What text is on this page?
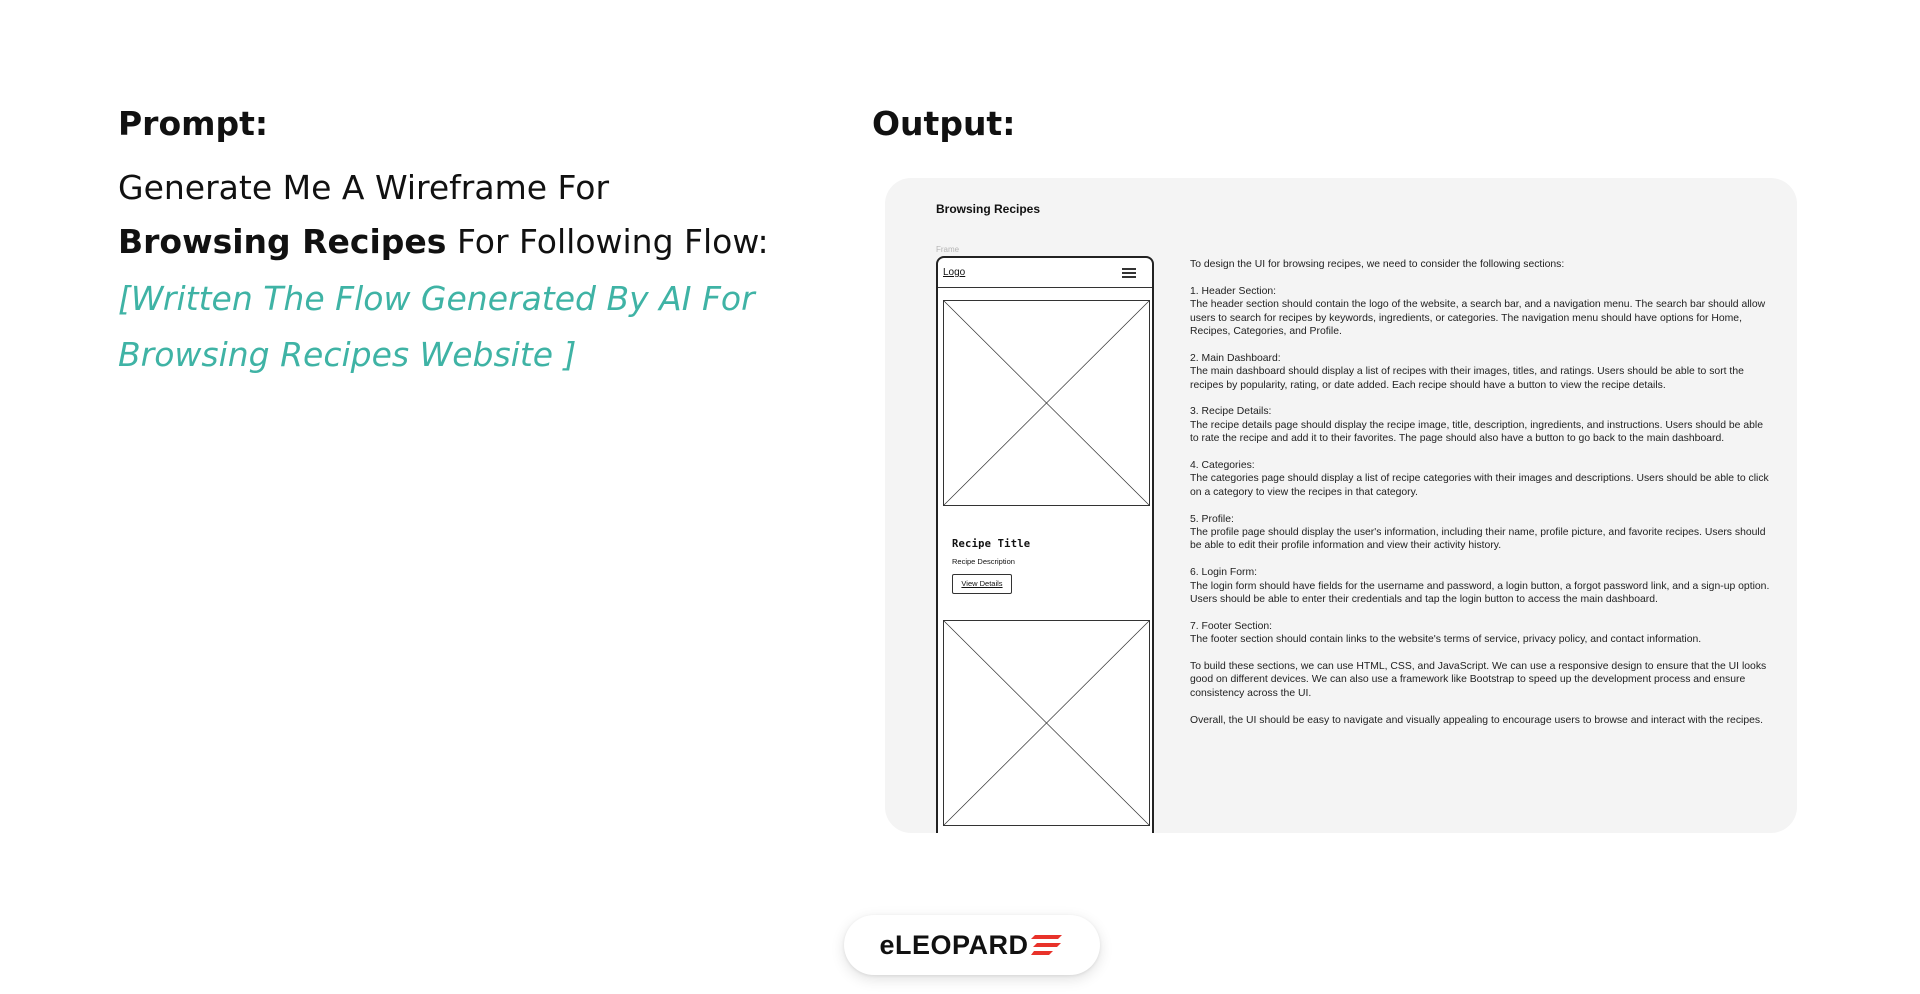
Prompt:
Generate Me A Wireframe For
Browsing Recipes For Following Flow:
[Written The Flow Generated By AI For
Browsing Recipes Website ]
Output:
Browsing Recipes
Frame
Logo
Recipe Title
Recipe Description
View Details

To design the UI for browsing recipes, we need to consider the following sections:

1. Header Section:
The header section should contain the logo of the website, a search bar, and a navigation menu. The search bar should allow users to search for recipes by keywords, ingredients, or categories. The navigation menu should have options for Home, Recipes, Categories, and Profile.
2. Main Dashboard:
The main dashboard should display a list of recipes with their images, titles, and ratings. Users should be able to sort the recipes by popularity, rating, or date added. Each recipe should have a button to view the recipe details.
3. Recipe Details:
The recipe details page should display the recipe image, title, description, ingredients, and instructions. Users should be able to rate the recipe and add it to their favorites. The page should also have a button to go back to the main dashboard.
4. Categories:
The categories page should display a list of recipe categories with their images and descriptions. Users should be able to click on a category to view the recipes in that category.
5. Profile:
The profile page should display the user's information, including their name, profile picture, and favorite recipes. Users should be able to edit their profile information and view their activity history.
6. Login Form:
The login form should have fields for the username and password, a login button, a forgot password link, and a sign-up option. Users should be able to enter their credentials and tap the login button to access the main dashboard.
7. Footer Section:
The footer section should contain links to the website's terms of service, privacy policy, and contact information.

To build these sections, we can use HTML, CSS, and JavaScript. We can use a responsive design to ensure that the UI looks good on different devices. We can also use a framework like Bootstrap to speed up the development process and ensure consistency across the UI.

Overall, the UI should be easy to navigate and visually appealing to encourage users to browse and interact with the recipes.

eLEOPARD
